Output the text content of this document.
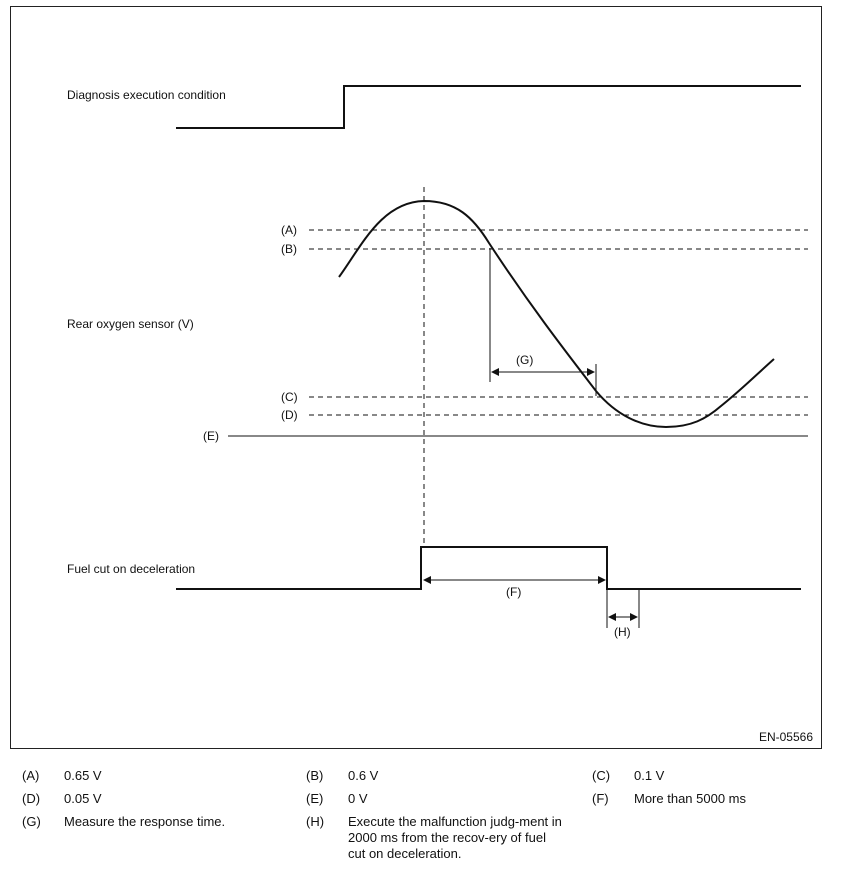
Diagnosis execution condition
Rear oxygen sensor (V)
Fuel cut on deceleration
(A)
(B)
(C)
(D)
(E)
(G)
(F)
(H)
EN-05566
(A) 0.65 V	(B) 0.6 V	(C) 0.1 V
(D) 0.05 V	(E) 0 V	(F) More than 5000 ms
(G) Measure the response time.	(H) Execute the malfunction judg-ment in 2000 ms from the recov-ery of fuel cut on deceleration.
